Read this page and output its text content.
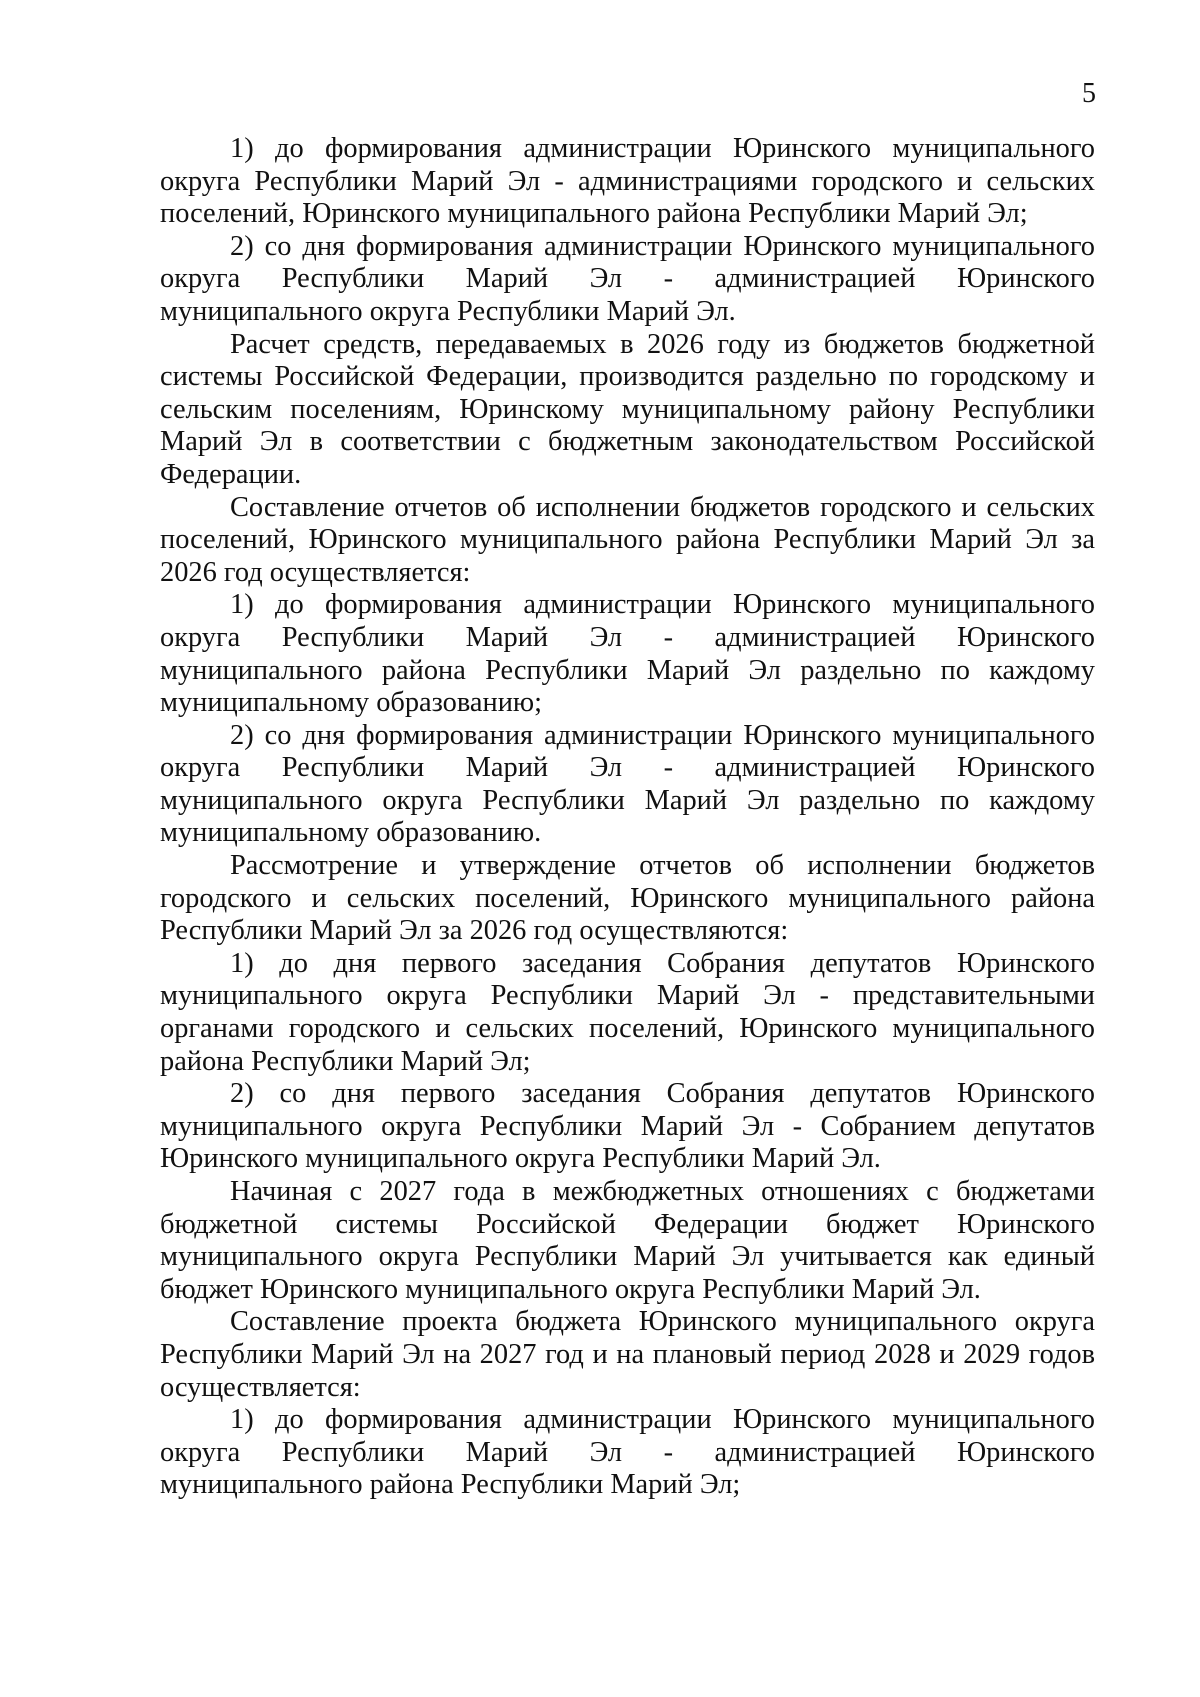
5

1) до формирования администрации Юринского муниципального округа Республики Марий Эл - администрациями городского и сельских поселений, Юринского муниципального района Республики Марий Эл;

2) со дня формирования администрации Юринского муниципального округа Республики Марий Эл - администрацией Юринского муниципального округа Республики Марий Эл.

Расчет средств, передаваемых в 2026 году из бюджетов бюджетной системы Российской Федерации, производится раздельно по городскому и сельским поселениям, Юринскому муниципальному району Республики Марий Эл в соответствии с бюджетным законодательством Российской Федерации.

Составление отчетов об исполнении бюджетов городского и сельских поселений, Юринского муниципального района Республики Марий Эл за 2026 год осуществляется:

1) до формирования администрации Юринского муниципального округа Республики Марий Эл - администрацией Юринского муниципального района Республики Марий Эл раздельно по каждому муниципальному образованию;

2) со дня формирования администрации Юринского муниципального округа Республики Марий Эл - администрацией Юринского муниципального округа Республики Марий Эл раздельно по каждому муниципальному образованию.

Рассмотрение и утверждение отчетов об исполнении бюджетов городского и сельских поселений, Юринского муниципального района Республики Марий Эл за 2026 год осуществляются:

1) до дня первого заседания Собрания депутатов Юринского муниципального округа Республики Марий Эл - представительными органами городского и сельских поселений, Юринского муниципального района Республики Марий Эл;

2) со дня первого заседания Собрания депутатов Юринского муниципального округа Республики Марий Эл - Собранием депутатов Юринского муниципального округа Республики Марий Эл.

Начиная с 2027 года в межбюджетных отношениях с бюджетами бюджетной системы Российской Федерации бюджет Юринского муниципального округа Республики Марий Эл учитывается как единый бюджет Юринского муниципального округа Республики Марий Эл.

Составление проекта бюджета Юринского муниципального округа Республики Марий Эл на 2027 год и на плановый период 2028 и 2029 годов осуществляется:

1) до формирования администрации Юринского муниципального округа Республики Марий Эл - администрацией Юринского муниципального района Республики Марий Эл;
